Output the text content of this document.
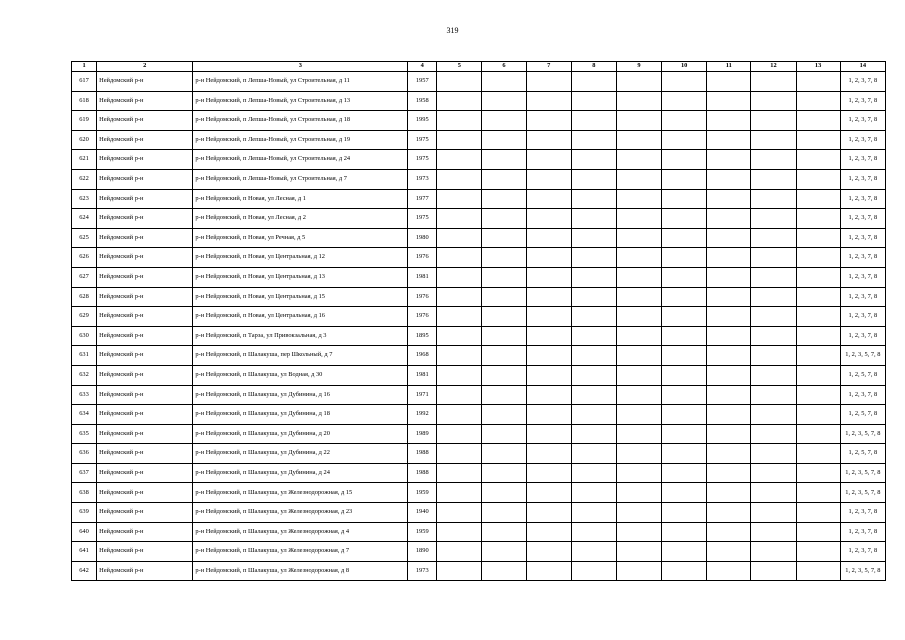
319
1	2	3	4	5	6	7	8	9	10	11	12	13	14
617	Нейдомский р-н	р-н Нейдомский, п Лепша-Новый, ул Строительная, д 11	1957										1, 2, 3, 7, 8
618	Нейдомский р-н	р-н Нейдомский, п Лепша-Новый, ул Строительная, д 13	1958										1, 2, 3, 7, 8
619	Нейдомский р-н	р-н Нейдомский, п Лепша-Новый, ул Строительная, д 18	1995										1, 2, 3, 7, 8
620	Нейдомский р-н	р-н Нейдомский, п Лепша-Новый, ул Строительная, д 19	1975										1, 2, 3, 7, 8
621	Нейдомский р-н	р-н Нейдомский, п Лепша-Новый, ул Строительная, д 24	1975										1, 2, 3, 7, 8
622	Нейдомский р-н	р-н Нейдомский, п Лепша-Новый, ул Строительная, д 7	1973										1, 2, 3, 7, 8
623	Нейдомский р-н	р-н Нейдомский, п Новая, ул Лесная, д 1	1977										1, 2, 3, 7, 8
624	Нейдомский р-н	р-н Нейдомский, п Новая, ул Лесная, д 2	1975										1, 2, 3, 7, 8
625	Нейдомский р-н	р-н Нейдомский, п Новая, ул Речная, д 5	1980										1, 2, 3, 7, 8
626	Нейдомский р-н	р-н Нейдомский, п Новая, ул Центральная, д 12	1976										1, 2, 3, 7, 8
627	Нейдомский р-н	р-н Нейдомский, п Новая, ул Центральная, д 13	1981										1, 2, 3, 7, 8
628	Нейдомский р-н	р-н Нейдомский, п Новая, ул Центральная, д 15	1976										1, 2, 3, 7, 8
629	Нейдомский р-н	р-н Нейдомский, п Новая, ул Центральная, д 16	1976										1, 2, 3, 7, 8
630	Нейдомский р-н	р-н Нейдомский, п Тарза, ул Привокзальная, д 3	1895										1, 2, 3, 7, 8
631	Нейдомский р-н	р-н Нейдомский, п Шалакуша, пер Школьный, д 7	1968										1, 2, 3, 5, 7, 8
632	Нейдомский р-н	р-н Нейдомский, п Шалакуша, ул Водная, д 30	1981										1, 2, 5, 7, 8
633	Нейдомский р-н	р-н Нейдомский, п Шалакуша, ул Дубинина, д 16	1971										1, 2, 3, 7, 8
634	Нейдомский р-н	р-н Нейдомский, п Шалакуша, ул Дубинина, д 18	1992										1, 2, 5, 7, 8
635	Нейдомский р-н	р-н Нейдомский, п Шалакуша, ул Дубинина, д 20	1989										1, 2, 3, 5, 7, 8
636	Нейдомский р-н	р-н Нейдомский, п Шалакуша, ул Дубинина, д 22	1988										1, 2, 5, 7, 8
637	Нейдомский р-н	р-н Нейдомский, п Шалакуша, ул Дубинина, д 24	1988										1, 2, 3, 5, 7, 8
638	Нейдомский р-н	р-н Нейдомский, п Шалакуша, ул Железнодорожная, д 15	1959										1, 2, 3, 5, 7, 8
639	Нейдомский р-н	р-н Нейдомский, п Шалакуша, ул Железнодорожная, д 23	1940										1, 2, 3, 7, 8
640	Нейдомский р-н	р-н Нейдомский, п Шалакуша, ул Железнодорожная, д 4	1959										1, 2, 3, 7, 8
641	Нейдомский р-н	р-н Нейдомский, п Шалакуша, ул Железнодорожная, д 7	1890										1, 2, 3, 7, 8
642	Нейдомский р-н	р-н Нейдомский, п Шалакуша, ул Железнодорожная, д 8	1973										1, 2, 3, 5, 7, 8
